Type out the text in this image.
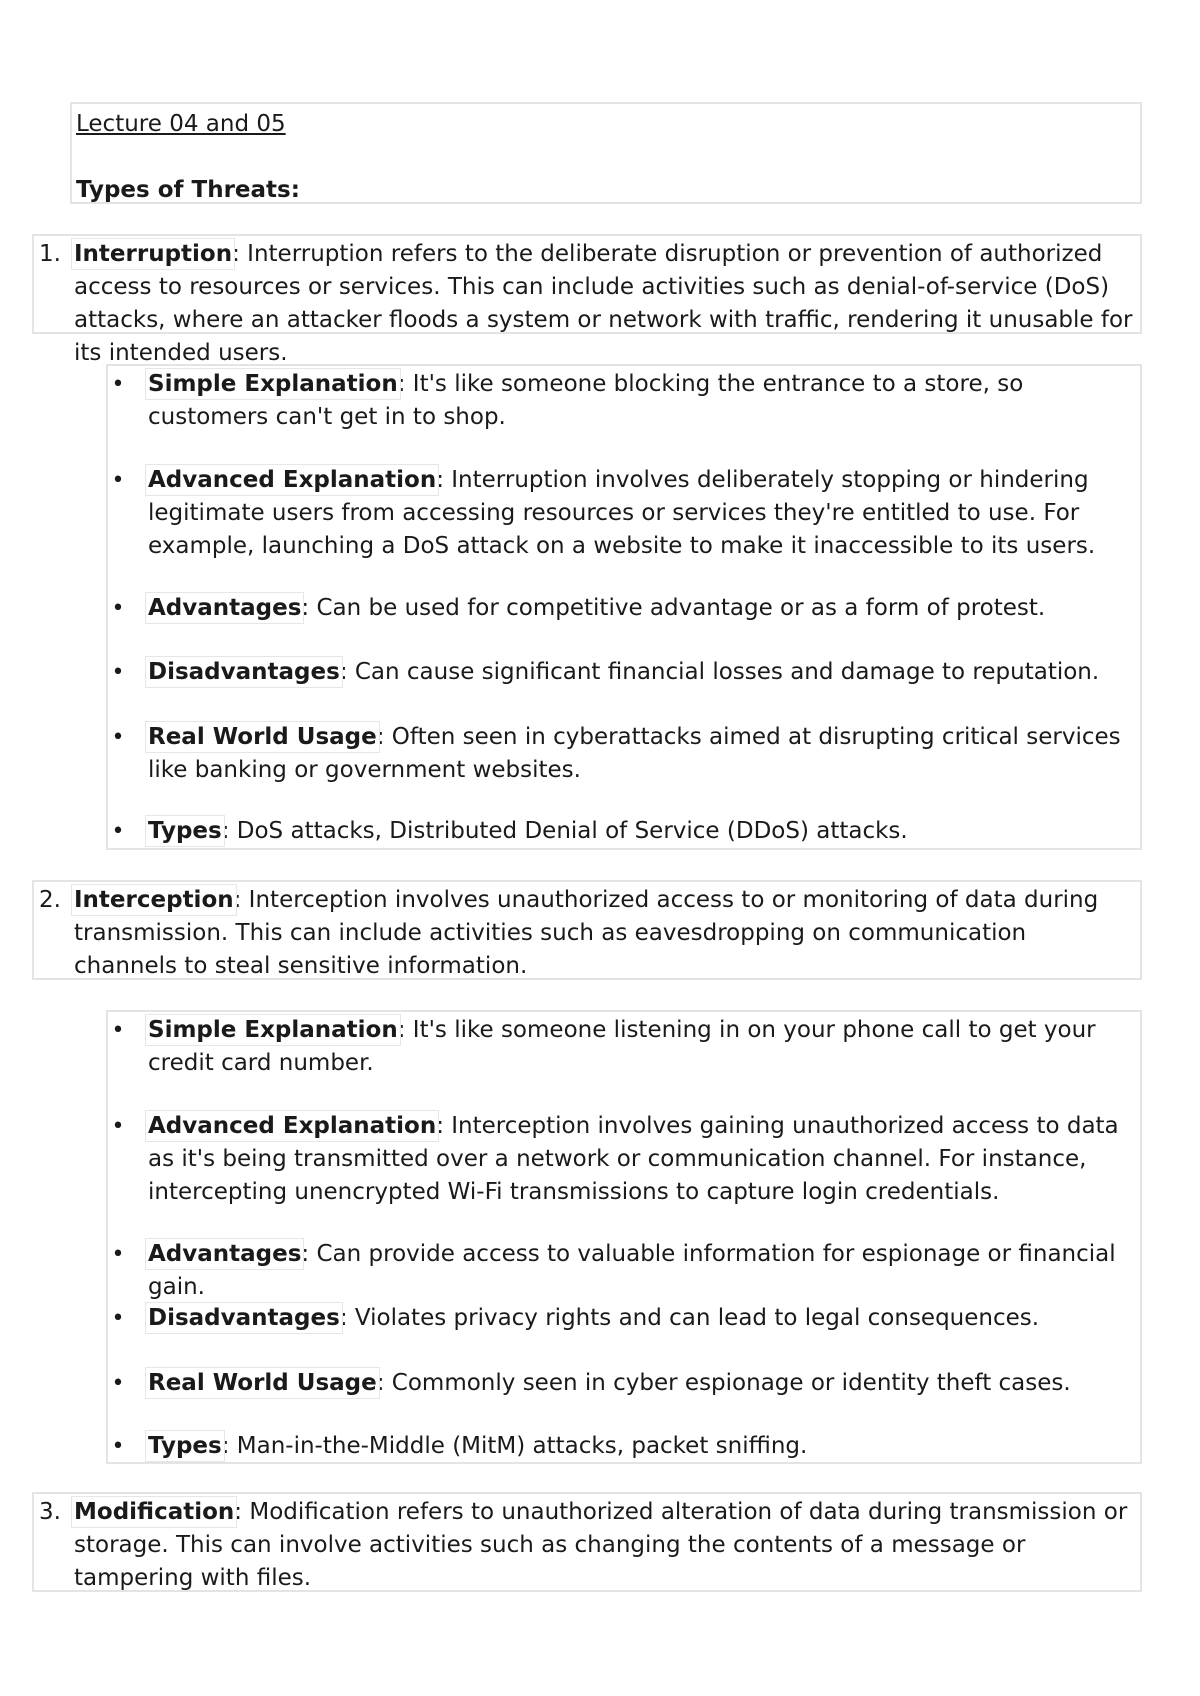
Lecture 04 and 05
Types of Threats:
1. Interruption: Interruption refers to the deliberate disruption or prevention of authorized access to resources or services. This can include activities such as denial-of-service (DoS) attacks, where an attacker floods a system or network with traffic, rendering it unusable for its intended users.
• Simple Explanation: It's like someone blocking the entrance to a store, so customers can't get in to shop.
• Advanced Explanation: Interruption involves deliberately stopping or hindering legitimate users from accessing resources or services they're entitled to use. For example, launching a DoS attack on a website to make it inaccessible to its users.
• Advantages: Can be used for competitive advantage or as a form of protest.
• Disadvantages: Can cause significant financial losses and damage to reputation.
• Real World Usage: Often seen in cyberattacks aimed at disrupting critical services like banking or government websites.
• Types: DoS attacks, Distributed Denial of Service (DDoS) attacks.
2. Interception: Interception involves unauthorized access to or monitoring of data during transmission. This can include activities such as eavesdropping on communication channels to steal sensitive information.
• Simple Explanation: It's like someone listening in on your phone call to get your credit card number.
• Advanced Explanation: Interception involves gaining unauthorized access to data as it's being transmitted over a network or communication channel. For instance, intercepting unencrypted Wi-Fi transmissions to capture login credentials.
• Advantages: Can provide access to valuable information for espionage or financial gain.
• Disadvantages: Violates privacy rights and can lead to legal consequences.
• Real World Usage: Commonly seen in cyber espionage or identity theft cases.
• Types: Man-in-the-Middle (MitM) attacks, packet sniffing.
3. Modification: Modification refers to unauthorized alteration of data during transmission or storage. This can involve activities such as changing the contents of a message or tampering with files.
